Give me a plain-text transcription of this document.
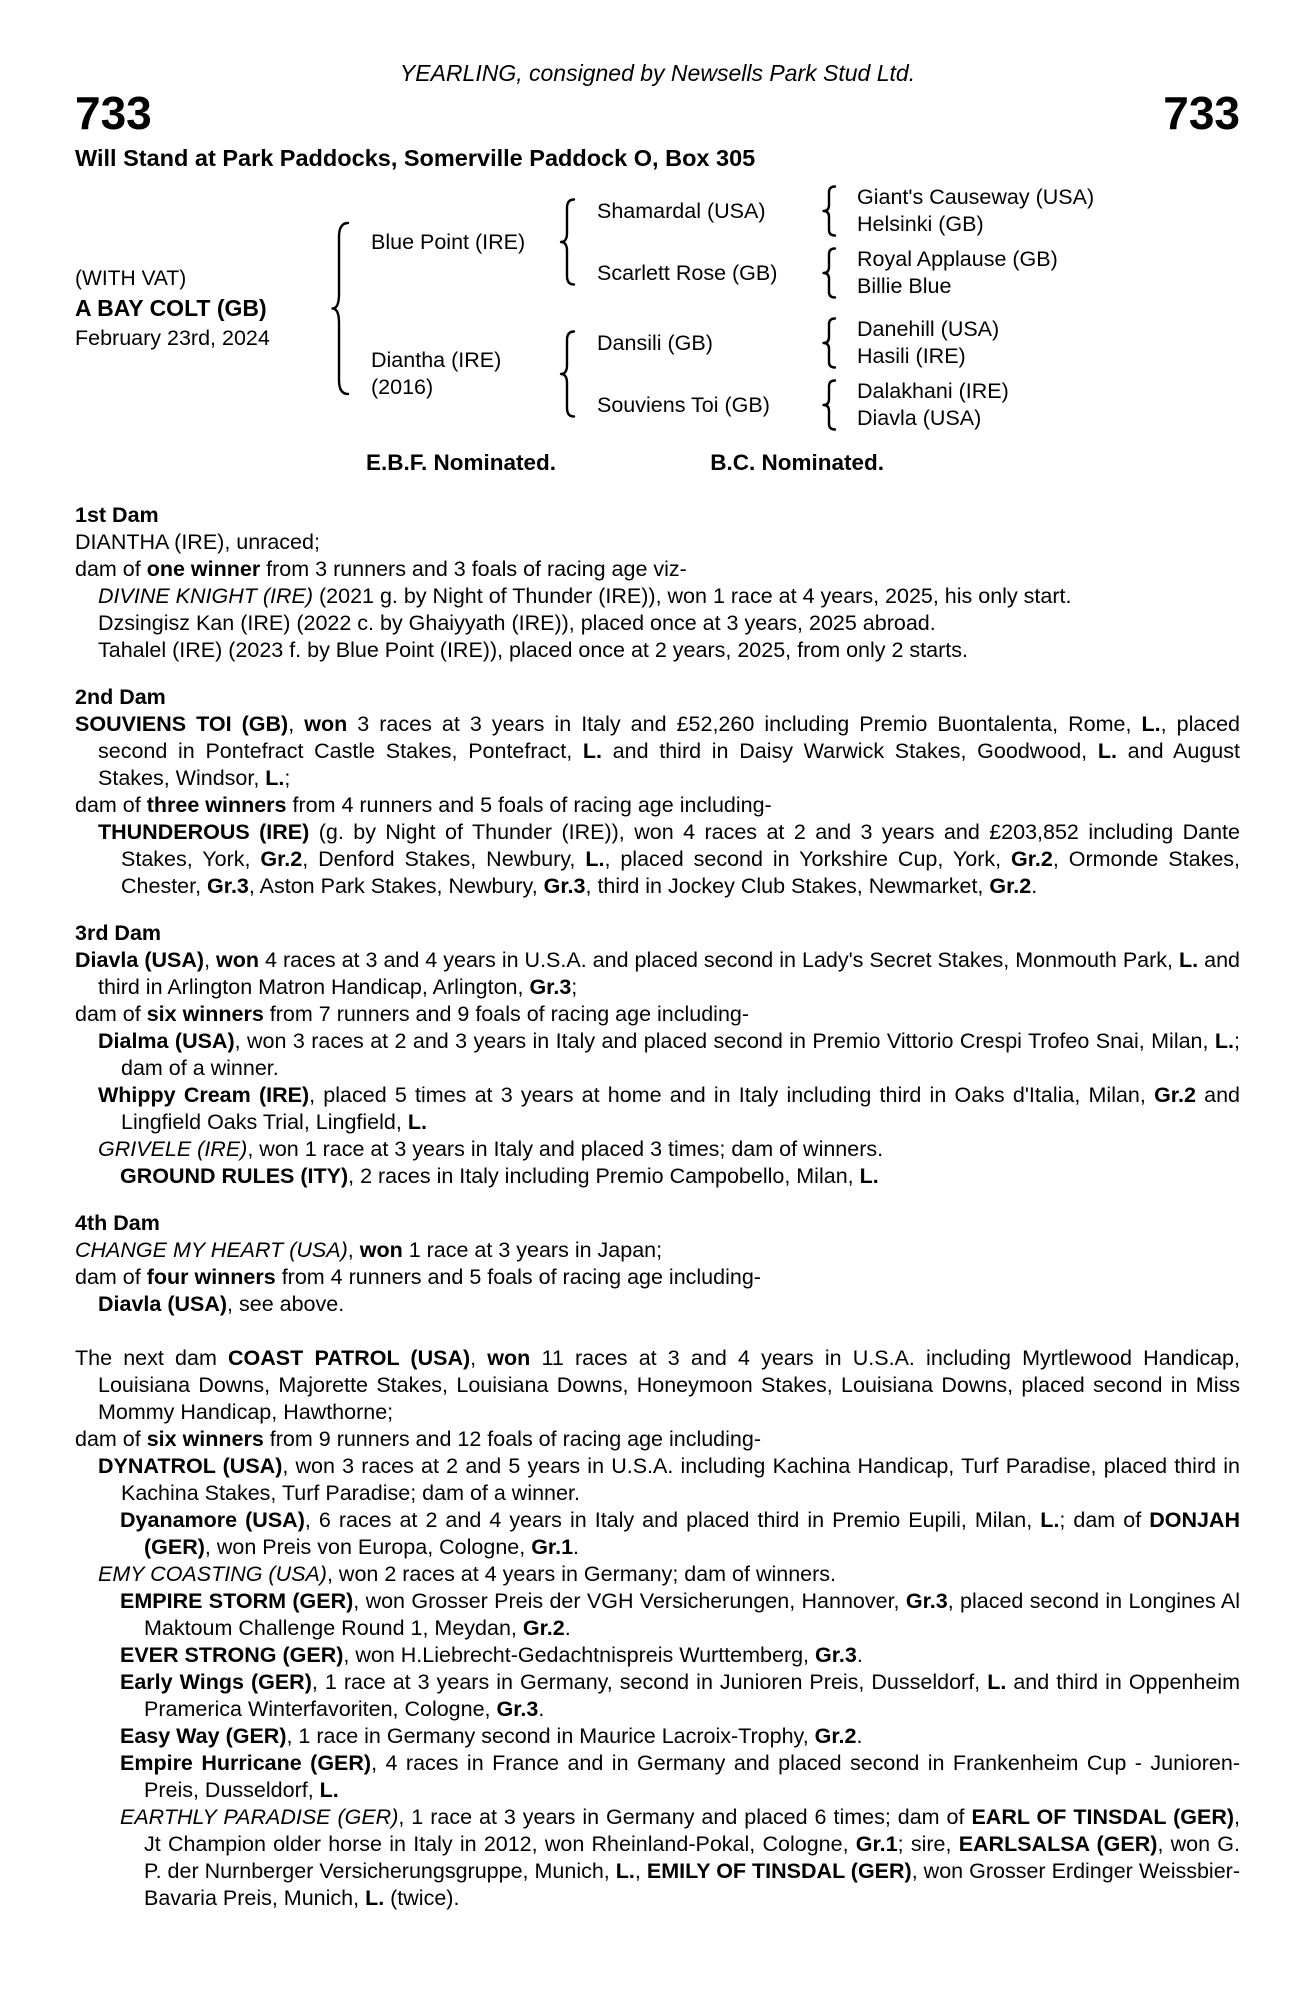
YEARLING, consigned by Newsells Park Stud Ltd.
733	733
Will Stand at Park Paddocks, Somerville Paddock O, Box 305
(WITH VAT)
A BAY COLT (GB)
February 23rd, 2024
Blue Point (IRE)
Shamardal (USA)
Giant's Causeway (USA)
Helsinki (GB)
Scarlett Rose (GB)
Royal Applause (GB)
Billie Blue
Diantha (IRE)
(2016)
Dansili (GB)
Danehill (USA)
Hasili (IRE)
Souviens Toi (GB)
Dalakhani (IRE)
Diavla (USA)
E.B.F. Nominated.	B.C. Nominated.
1st Dam
DIANTHA (IRE), unraced;
dam of one winner from 3 runners and 3 foals of racing age viz-
DIVINE KNIGHT (IRE) (2021 g. by Night of Thunder (IRE)), won 1 race at 4 years, 2025, his only start.
Dzsingisz Kan (IRE) (2022 c. by Ghaiyyath (IRE)), placed once at 3 years, 2025 abroad.
Tahalel (IRE) (2023 f. by Blue Point (IRE)), placed once at 2 years, 2025, from only 2 starts.
2nd Dam
SOUVIENS TOI (GB), won 3 races at 3 years in Italy and £52,260 including Premio Buontalenta, Rome, L., placed second in Pontefract Castle Stakes, Pontefract, L. and third in Daisy Warwick Stakes, Goodwood, L. and August Stakes, Windsor, L.;
dam of three winners from 4 runners and 5 foals of racing age including-
THUNDEROUS (IRE) (g. by Night of Thunder (IRE)), won 4 races at 2 and 3 years and £203,852 including Dante Stakes, York, Gr.2, Denford Stakes, Newbury, L., placed second in Yorkshire Cup, York, Gr.2, Ormonde Stakes, Chester, Gr.3, Aston Park Stakes, Newbury, Gr.3, third in Jockey Club Stakes, Newmarket, Gr.2.
3rd Dam
Diavla (USA), won 4 races at 3 and 4 years in U.S.A. and placed second in Lady's Secret Stakes, Monmouth Park, L. and third in Arlington Matron Handicap, Arlington, Gr.3;
dam of six winners from 7 runners and 9 foals of racing age including-
Dialma (USA), won 3 races at 2 and 3 years in Italy and placed second in Premio Vittorio Crespi Trofeo Snai, Milan, L.; dam of a winner.
Whippy Cream (IRE), placed 5 times at 3 years at home and in Italy including third in Oaks d'Italia, Milan, Gr.2 and Lingfield Oaks Trial, Lingfield, L.
GRIVELE (IRE), won 1 race at 3 years in Italy and placed 3 times; dam of winners.
GROUND RULES (ITY), 2 races in Italy including Premio Campobello, Milan, L.
4th Dam
CHANGE MY HEART (USA), won 1 race at 3 years in Japan;
dam of four winners from 4 runners and 5 foals of racing age including-
Diavla (USA), see above.
The next dam COAST PATROL (USA), won 11 races at 3 and 4 years in U.S.A. including Myrtlewood Handicap, Louisiana Downs, Majorette Stakes, Louisiana Downs, Honeymoon Stakes, Louisiana Downs, placed second in Miss Mommy Handicap, Hawthorne;
dam of six winners from 9 runners and 12 foals of racing age including-
DYNATROL (USA), won 3 races at 2 and 5 years in U.S.A. including Kachina Handicap, Turf Paradise, placed third in Kachina Stakes, Turf Paradise; dam of a winner.
Dyanamore (USA), 6 races at 2 and 4 years in Italy and placed third in Premio Eupili, Milan, L.; dam of DONJAH (GER), won Preis von Europa, Cologne, Gr.1.
EMY COASTING (USA), won 2 races at 4 years in Germany; dam of winners.
EMPIRE STORM (GER), won Grosser Preis der VGH Versicherungen, Hannover, Gr.3, placed second in Longines Al Maktoum Challenge Round 1, Meydan, Gr.2.
EVER STRONG (GER), won H.Liebrecht-Gedachtnispreis Wurttemberg, Gr.3.
Early Wings (GER), 1 race at 3 years in Germany, second in Junioren Preis, Dusseldorf, L. and third in Oppenheim Pramerica Winterfavoriten, Cologne, Gr.3.
Easy Way (GER), 1 race in Germany second in Maurice Lacroix-Trophy, Gr.2.
Empire Hurricane (GER), 4 races in France and in Germany and placed second in Frankenheim Cup - Junioren-Preis, Dusseldorf, L.
EARTHLY PARADISE (GER), 1 race at 3 years in Germany and placed 6 times; dam of EARL OF TINSDAL (GER), Jt Champion older horse in Italy in 2012, won Rheinland-Pokal, Cologne, Gr.1; sire, EARLSALSA (GER), won G. P. der Nurnberger Versicherungsgruppe, Munich, L., EMILY OF TINSDAL (GER), won Grosser Erdinger Weissbier-Bavaria Preis, Munich, L. (twice).
